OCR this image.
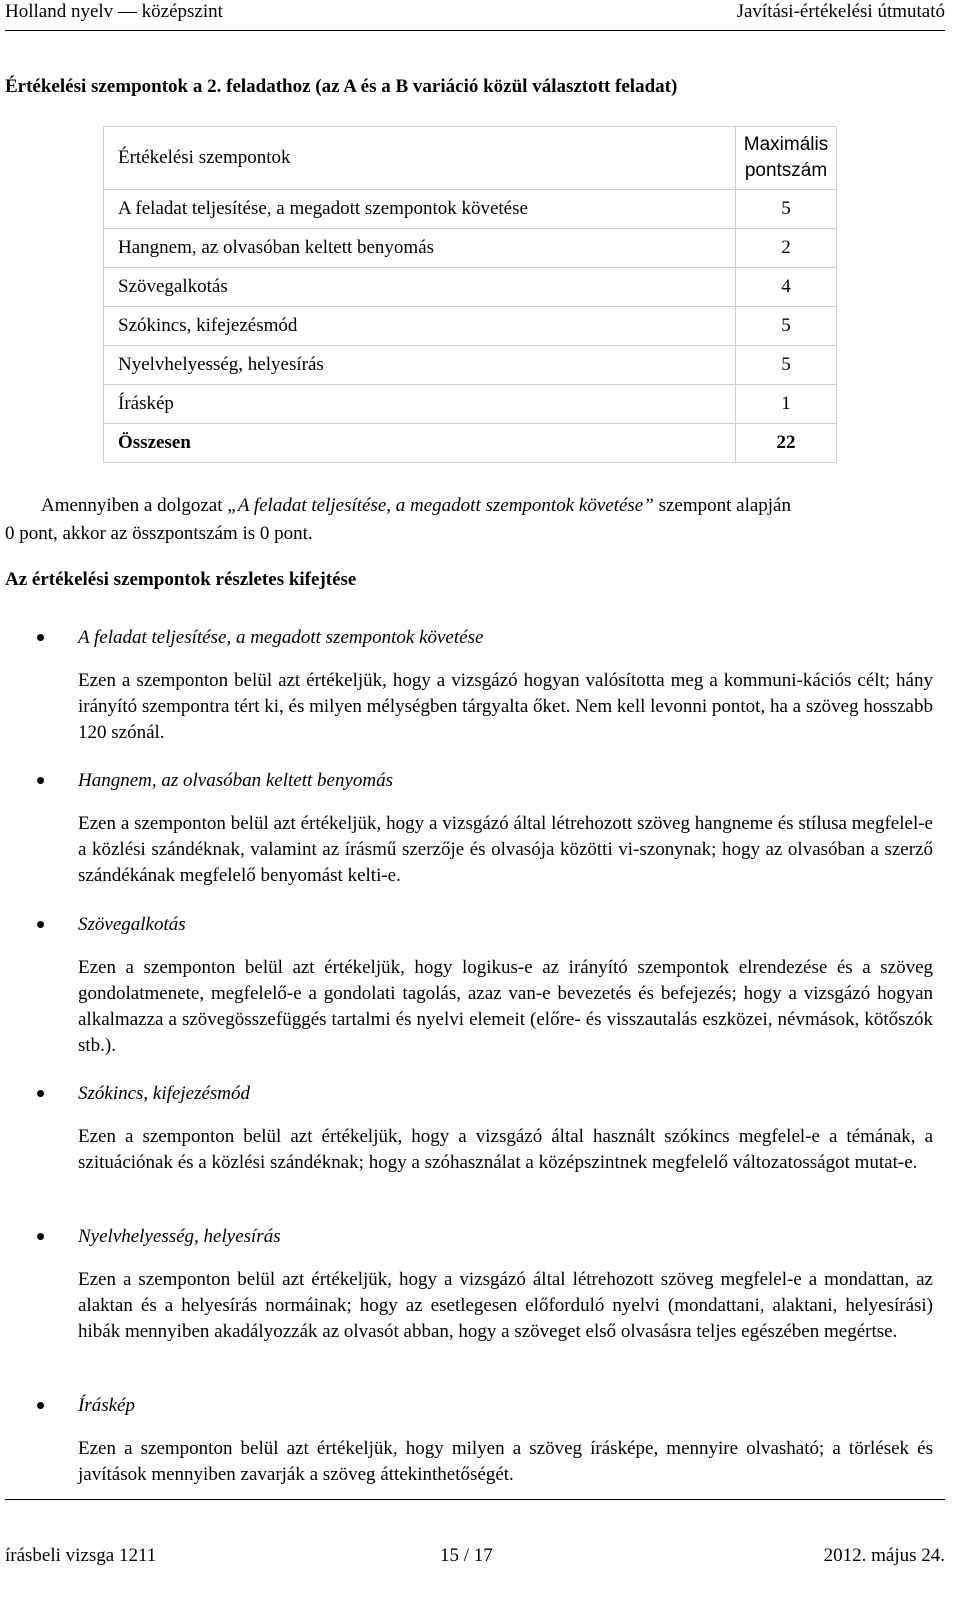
Holland nyelv — középszint	Javítási-értékelési útmutató
Értékelési szempontok a 2. feladathoz (az A és a B variáció közül választott feladat)
Értékelési szempontok	Maximális
pontszám
A feladat teljesítése, a megadott szempontok követése	5
Hangnem, az olvasóban keltett benyomás	2
Szövegalkotás	4
Szókincs, kifejezésmód	5
Nyelvhelyesség, helyesírás	5
Íráskép	1
Összesen	22
Amennyiben a dolgozat „A feladat teljesítése, a megadott szempontok követése” szempont alapján
0 pont, akkor az összpontszám is 0 pont.
Az értékelési szempontok részletes kifejtése
A feladat teljesítése, a megadott szempontok követése
Ezen a szemponton belül azt értékeljük, hogy a vizsgázó hogyan valósította meg a kommuni-kációs célt; hány irányító szempontra tért ki, és milyen mélységben tárgyalta őket. Nem kell levonni pontot, ha a szöveg hosszabb 120 szónál.
Hangnem, az olvasóban keltett benyomás
Ezen a szemponton belül azt értékeljük, hogy a vizsgázó által létrehozott szöveg hangneme és stílusa megfelel-e a közlési szándéknak, valamint az írásmű szerzője és olvasója közötti vi-szonynak; hogy az olvasóban a szerző szándékának megfelelő benyomást kelti-e.
Szövegalkotás
Ezen a szemponton belül azt értékeljük, hogy logikus-e az irányító szempontok elrendezése és a szöveg gondolatmenete, megfelelő-e a gondolati tagolás, azaz van-e bevezetés és befejezés; hogy a vizsgázó hogyan alkalmazza a szövegösszefüggés tartalmi és nyelvi elemeit (előre- és visszautalás eszközei, névmások, kötőszók stb.).
Szókincs, kifejezésmód
Ezen a szemponton belül azt értékeljük, hogy a vizsgázó által használt szókincs megfelel-e a témának, a szituációnak és a közlési szándéknak; hogy a szóhasználat a középszintnek megfelelő változatosságot mutat-e.
Nyelvhelyesség, helyesírás
Ezen a szemponton belül azt értékeljük, hogy a vizsgázó által létrehozott szöveg megfelel-e a mondattan, az alaktan és a helyesírás normáinak; hogy az esetlegesen előforduló nyelvi (mondattani, alaktani, helyesírási) hibák mennyiben akadályozzák az olvasót abban, hogy a szöveget első olvasásra teljes egészében megértse.
Íráskép
Ezen a szemponton belül azt értékeljük, hogy milyen a szöveg írásképe, mennyire olvasható; a törlések és javítások mennyiben zavarják a szöveg áttekinthetőségét.
írásbeli vizsga 1211	15 / 17	2012. május 24.
